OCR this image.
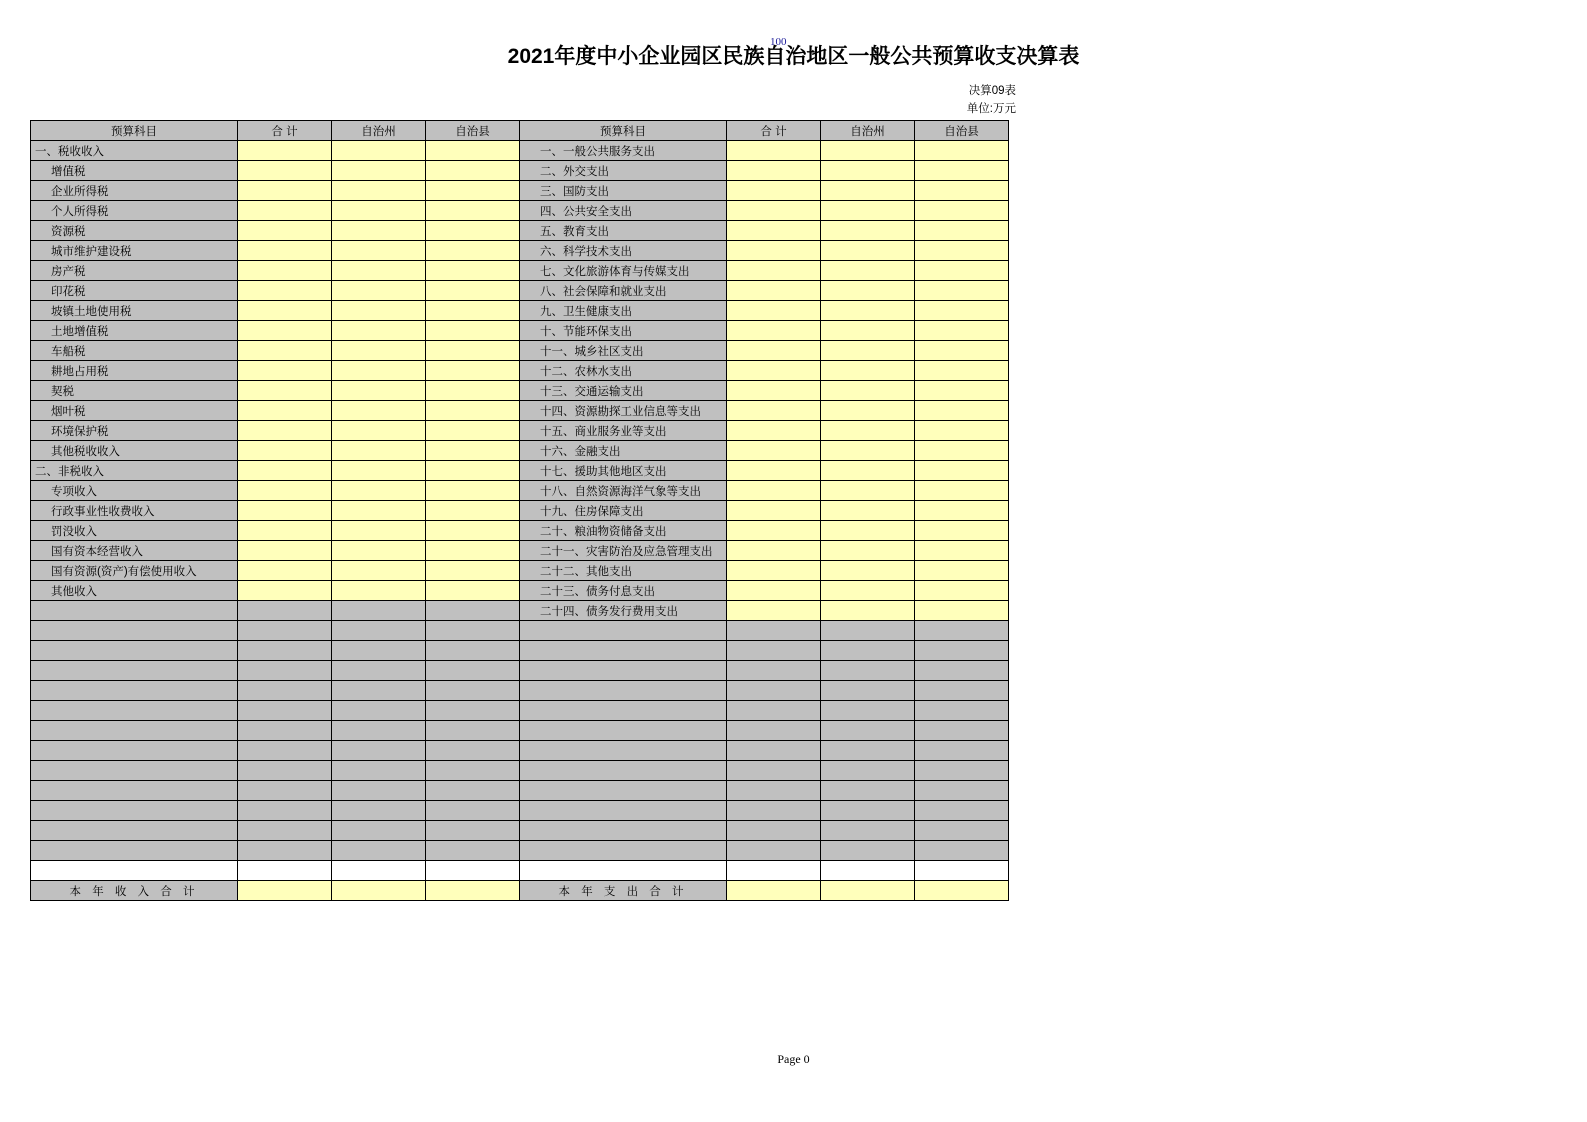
100
2021年度中小企业园区民族自治地区一般公共预算收支决算表
决算09表
单位:万元
预算科目	合 计	自治州	自治县	预算科目	合 计	自治州	自治县
一、税收收入				一、一般公共服务支出			
增值税				二、外交支出			
企业所得税				三、国防支出			
个人所得税				四、公共安全支出			
资源税				五、教育支出			
城市维护建设税				六、科学技术支出			
房产税				七、文化旅游体育与传媒支出			
印花税				八、社会保障和就业支出			
坡镇土地使用税				九、卫生健康支出			
土地增值税				十、节能环保支出			
车船税				十一、城乡社区支出			
耕地占用税				十二、农林水支出			
契税				十三、交通运输支出			
烟叶税				十四、资源勘探工业信息等支出			
环境保护税				十五、商业服务业等支出			
其他税收收入				十六、金融支出			
二、非税收入				十七、援助其他地区支出			
专项收入				十八、自然资源海洋气象等支出			
行政事业性收费收入				十九、住房保障支出			
罚没收入				二十、粮油物资储备支出			
国有资本经营收入				二十一、灾害防治及应急管理支出			
国有资源(资产)有偿使用收入				二十二、其他支出			
其他收入				二十三、债务付息支出			
				二十四、债务发行费用支出			

本 年 收 入 合 计				本 年 支 出 合 计			
Page 0
